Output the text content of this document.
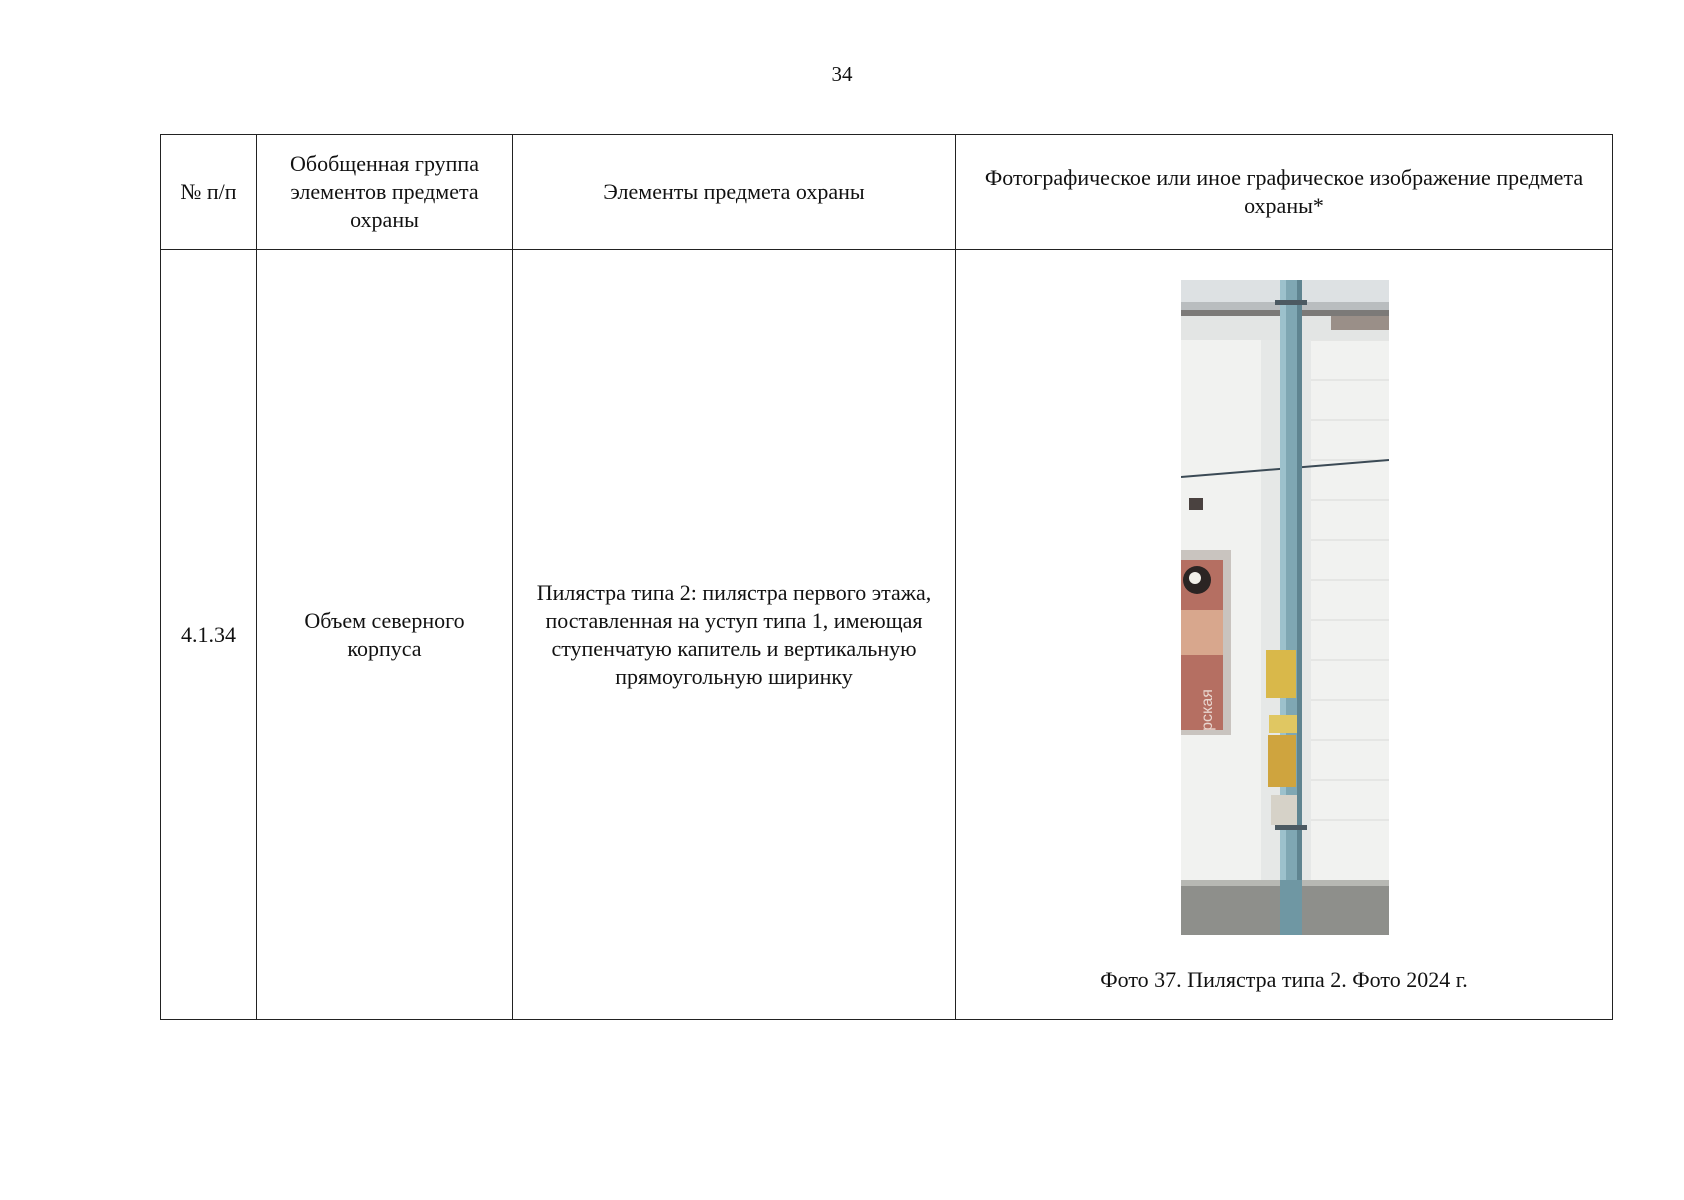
34
№ п/п	Обобщенная группа элементов предмета охраны	Элементы предмета охраны	Фотографическое или иное графическое изображение предмета охраны*
4.1.34	Объем северного корпуса	Пилястра типа 2: пилястра первого этажа, поставленная на уступ типа 1, имеющая ступенчатую капитель и вертикальную прямоугольную ширинку	рская
Фото 37. Пилястра типа 2. Фото 2024 г.
